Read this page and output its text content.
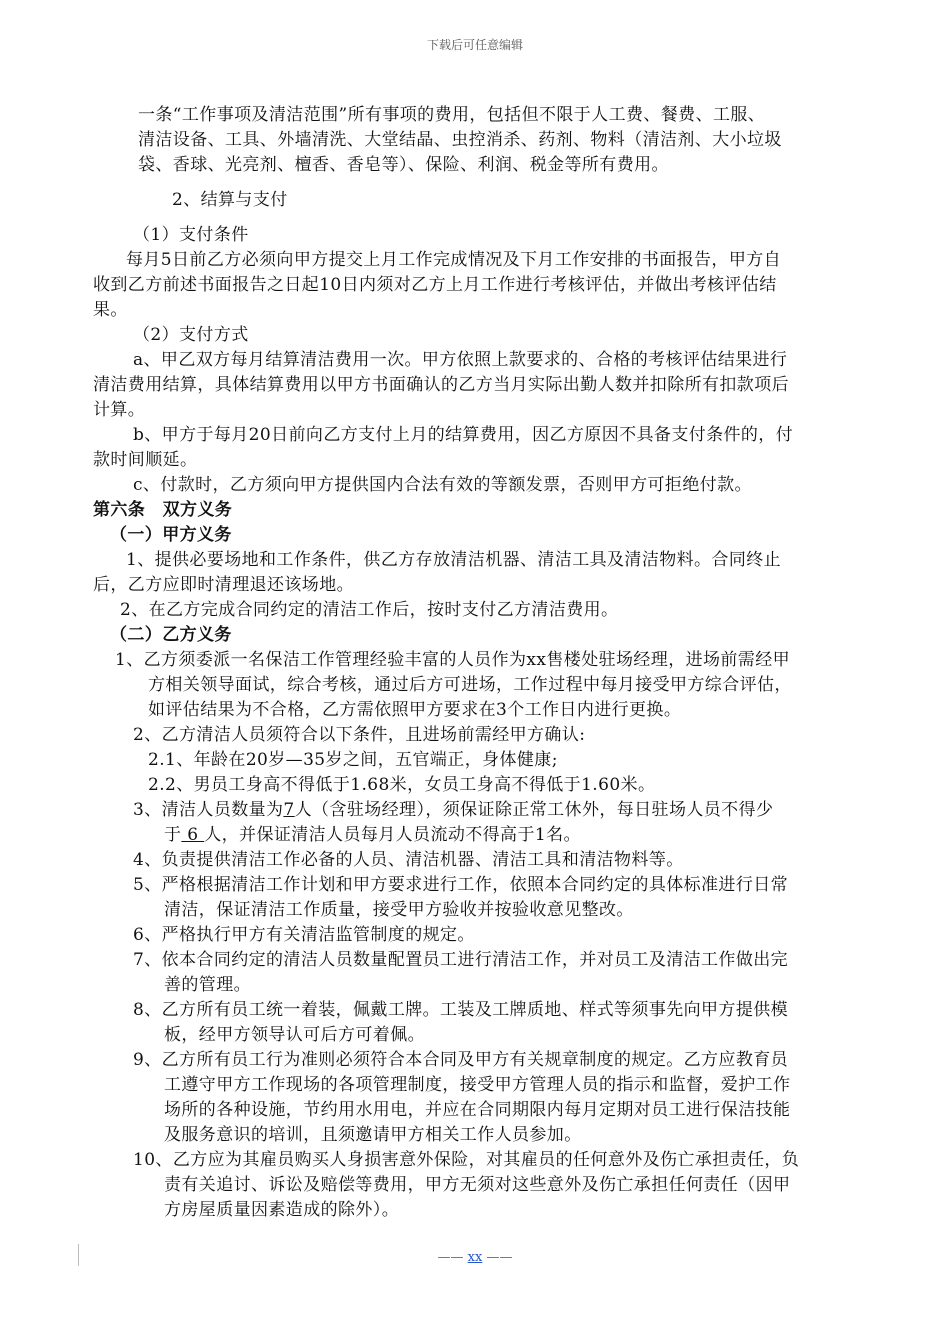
下载后可任意编辑
一条“工作事项及清洁范围”所有事项的费用，包括但不限于人工费、餐费、工服、
清洁设备、工具、外墙清洗、大堂结晶、虫控消杀、药剂、物料（清洁剂、大小垃圾
袋、香球、光亮剂、檀香、香皂等）、保险、利润、税金等所有费用。
2、结算与支付
（1）支付条件
每月5日前乙方必须向甲方提交上月工作完成情况及下月工作安排的书面报告，甲方自
收到乙方前述书面报告之日起10日内须对乙方上月工作进行考核评估，并做出考核评估结
果。
（2）支付方式
a、甲乙双方每月结算清洁费用一次。甲方依照上款要求的、合格的考核评估结果进行
清洁费用结算，具体结算费用以甲方书面确认的乙方当月实际出勤人数并扣除所有扣款项后
计算。
b、甲方于每月20日前向乙方支付上月的结算费用，因乙方原因不具备支付条件的，付
款时间顺延。
c、付款时，乙方须向甲方提供国内合法有效的等额发票，否则甲方可拒绝付款。
第六条　双方义务
（一）甲方义务
1、提供必要场地和工作条件，供乙方存放清洁机器、清洁工具及清洁物料。合同终止
后，乙方应即时清理退还该场地。
2、在乙方完成合同约定的清洁工作后，按时支付乙方清洁费用。
（二）乙方义务
1、乙方须委派一名保洁工作管理经验丰富的人员作为xx售楼处驻场经理，进场前需经甲
方相关领导面试，综合考核，通过后方可进场，工作过程中每月接受甲方综合评估，
如评估结果为不合格，乙方需依照甲方要求在3个工作日内进行更换。
2、乙方清洁人员须符合以下条件，且进场前需经甲方确认:
2.1、年龄在20岁—35岁之间，五官端正，身体健康;
2.2、男员工身高不得低于1.68米，女员工身高不得低于1.60米。
3、清洁人员数量为7人（含驻场经理），须保证除正常工休外，每日驻场人员不得少
于 6 人，并保证清洁人员每月人员流动不得高于1名。
4、负责提供清洁工作必备的人员、清洁机器、清洁工具和清洁物料等。
5、严格根据清洁工作计划和甲方要求进行工作，依照本合同约定的具体标准进行日常
清洁，保证清洁工作质量，接受甲方验收并按验收意见整改。
6、严格执行甲方有关清洁监管制度的规定。
7、依本合同约定的清洁人员数量配置员工进行清洁工作，并对员工及清洁工作做出完
善的管理。
8、乙方所有员工统一着装，佩戴工牌。工装及工牌质地、样式等须事先向甲方提供模
板，经甲方领导认可后方可着佩。
9、乙方所有员工行为准则必须符合本合同及甲方有关规章制度的规定。乙方应教育员
工遵守甲方工作现场的各项管理制度，接受甲方管理人员的指示和监督，爱护工作
场所的各种设施，节约用水用电，并应在合同期限内每月定期对员工进行保洁技能
及服务意识的培训，且须邀请甲方相关工作人员参加。
10、乙方应为其雇员购买人身损害意外保险，对其雇员的任何意外及伤亡承担责任，负
责有关追讨、诉讼及赔偿等费用，甲方无须对这些意外及伤亡承担任何责任（因甲
方房屋质量因素造成的除外）。
—— xx ——
